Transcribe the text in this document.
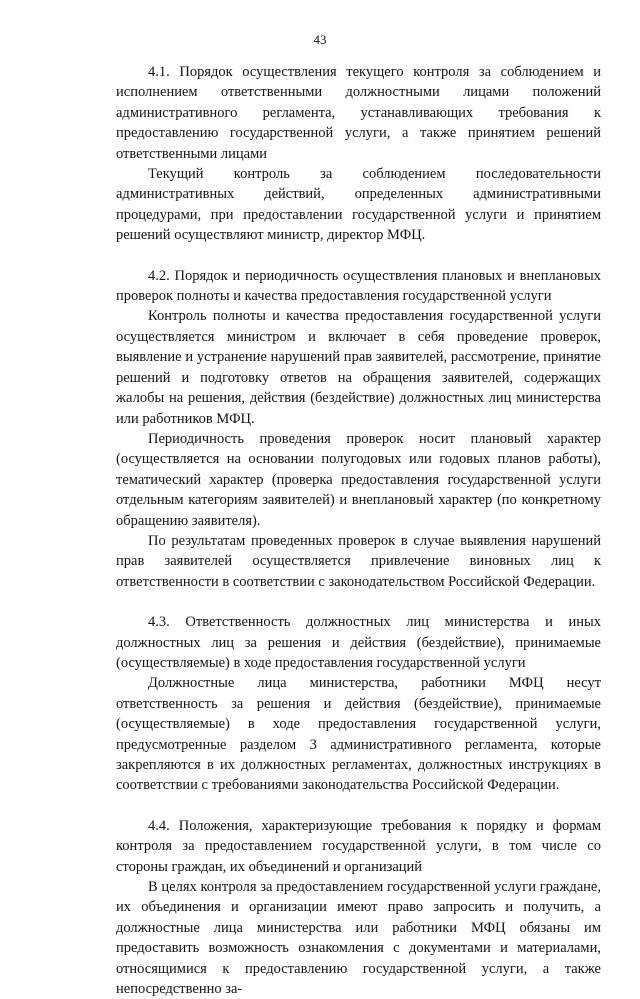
43

4.1. Порядок осуществления текущего контроля за соблюдением и исполнением ответственными должностными лицами положений административного регламента, устанавливающих требования к предоставлению государственной услуги, а также принятием решений ответственными лицами

Текущий контроль за соблюдением последовательности административных действий, определенных административными процедурами, при предоставлении государственной услуги и принятием решений осуществляют министр, директор МФЦ.

4.2. Порядок и периодичность осуществления плановых и внеплановых проверок полноты и качества предоставления государственной услуги

Контроль полноты и качества предоставления государственной услуги осуществляется министром и включает в себя проведение проверок, выявление и устранение нарушений прав заявителей, рассмотрение, принятие решений и подготовку ответов на обращения заявителей, содержащих жалобы на решения, действия (бездействие) должностных лиц министерства или работников МФЦ.

Периодичность проведения проверок носит плановый характер (осуществляется на основании полугодовых или годовых планов работы), тематический характер (проверка предоставления государственной услуги отдельным категориям заявителей) и внеплановый характер (по конкретному обращению заявителя).

По результатам проведенных проверок в случае выявления нарушений прав заявителей осуществляется привлечение виновных лиц к ответственности в соответствии с законодательством Российской Федерации.

4.3. Ответственность должностных лиц министерства и иных должностных лиц за решения и действия (бездействие), принимаемые (осуществляемые) в ходе предоставления государственной услуги

Должностные лица министерства, работники МФЦ несут ответственность за решения и действия (бездействие), принимаемые (осуществляемые) в ходе предоставления государственной услуги, предусмотренные разделом 3 административного регламента, которые закрепляются в их должностных регламентах, должностных инструкциях в соответствии с требованиями законодательства Российской Федерации.

4.4. Положения, характеризующие требования к порядку и формам контроля за предоставлением государственной услуги, в том числе со стороны граждан, их объединений и организаций

В целях контроля за предоставлением государственной услуги граждане, их объединения и организации имеют право запросить и получить, а должностные лица министерства или работники МФЦ обязаны им предоставить возможность ознакомления с документами и материалами, относящимися к предоставлению государственной услуги, а также непосредственно за-
